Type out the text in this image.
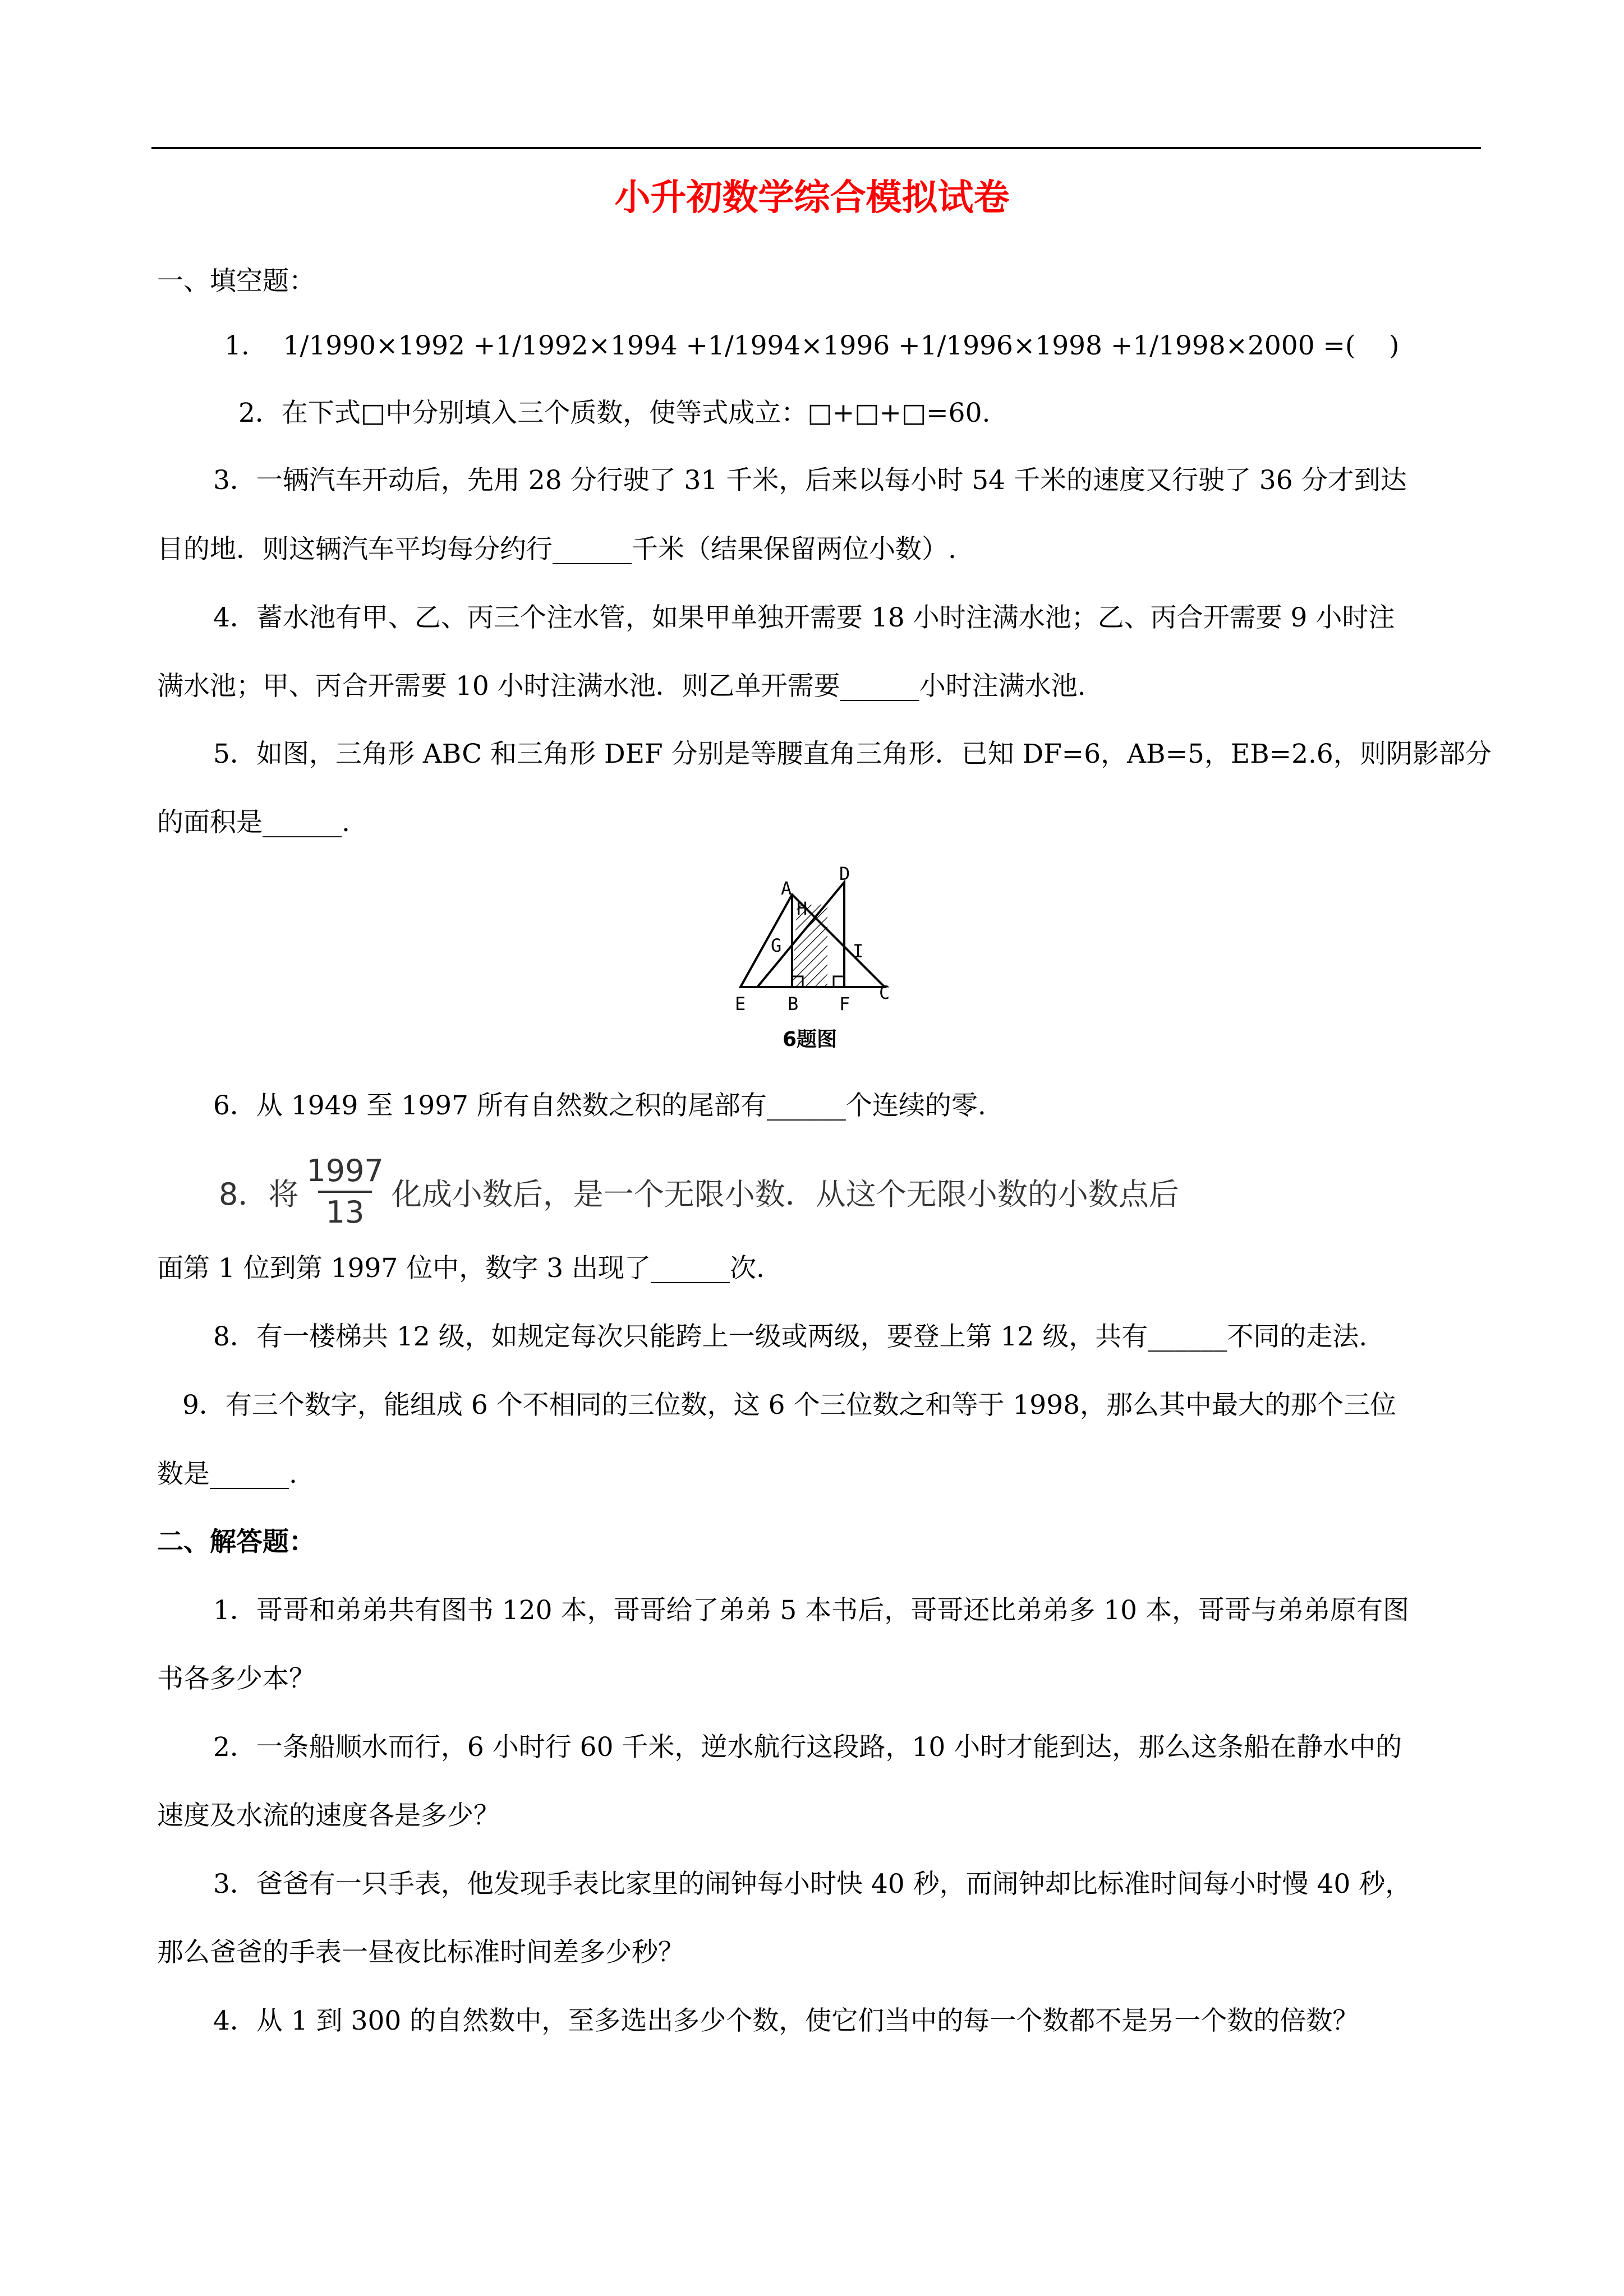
小升初数学综合模拟试卷
一、填空题：
1.    1/1990×1992 +1/1992×1994 +1/1994×1996 +1/1996×1998 +1/1998×2000 =(    )
2．在下式□中分别填入三个质数，使等式成立：□+□+□=60.
3．一辆汽车开动后，先用 28 分行驶了 31 千米，后来以每小时 54 千米的速度又行驶了 36 分才到达
目的地．则这辆汽车平均每分约行______千米（结果保留两位小数）.
4．蓄水池有甲、乙、丙三个注水管，如果甲单独开需要 18 小时注满水池；乙、丙合开需要 9 小时注
满水池；甲、丙合开需要 10 小时注满水池．则乙单开需要______小时注满水池.
5．如图，三角形 ABC 和三角形 DEF 分别是等腰直角三角形．已知 DF=6，AB=5，EB=2.6，则阴影部分
的面积是______.
A
D
H
G	I
E B F
C
6题图
6．从 1949 至 1997 所有自然数之积的尾部有______个连续的零.
8．将 $\frac{1997}{13}$ 化成小数后，是一个无限小数．从这个无限小数的小数点后
面第 1 位到第 1997 位中，数字 3 出现了______次.
8．有一楼梯共 12 级，如规定每次只能跨上一级或两级，要登上第 12 级，共有______不同的走法.
9．有三个数字，能组成 6 个不相同的三位数，这 6 个三位数之和等于 1998，那么其中最大的那个三位
数是______.
二、解答题：
1．哥哥和弟弟共有图书 120 本，哥哥给了弟弟 5 本书后，哥哥还比弟弟多 10 本，哥哥与弟弟原有图
书各多少本？
2．一条船顺水而行，6 小时行 60 千米，逆水航行这段路，10 小时才能到达，那么这条船在静水中的
速度及水流的速度各是多少？
3．爸爸有一只手表，他发现手表比家里的闹钟每小时快 40 秒，而闹钟却比标准时间每小时慢 40 秒，
那么爸爸的手表一昼夜比标准时间差多少秒？
4．从 1 到 300 的自然数中，至多选出多少个数，使它们当中的每一个数都不是另一个数的倍数？
